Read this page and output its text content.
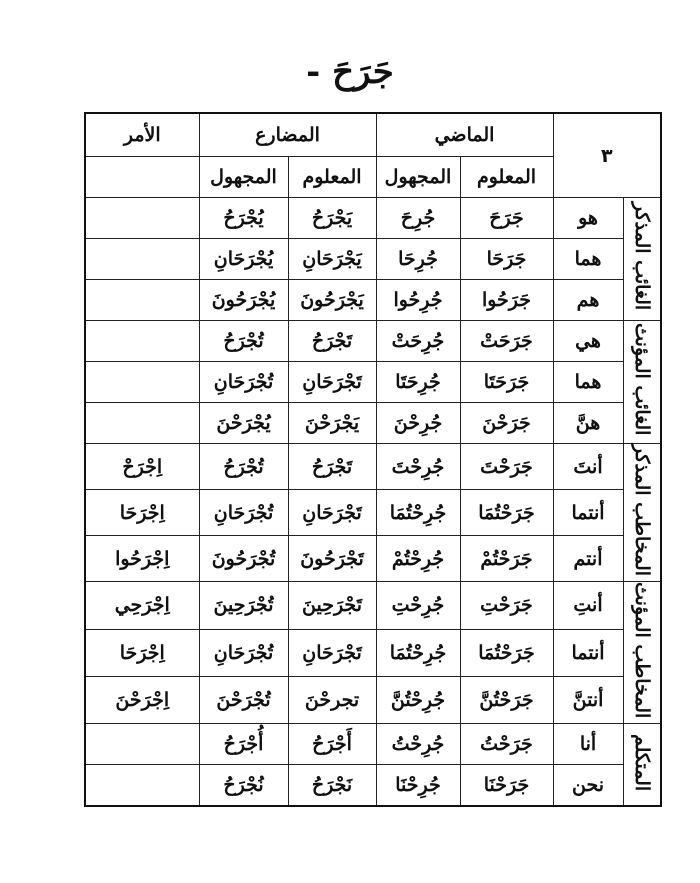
جَرَحَ -
٣		الماضي		المضارع		الأمر
		المعلوم	المجهول	المعلوم	المجهول	
الغائب المذكر	هو	جَرَحَ	جُرِحَ	يَجْرَحُ	يُجْرَحُ	
	هما	جَرَحَا	جُرِحَا	يَجْرَحَانِ	يُجْرَحَانِ	
	هم	جَرَحُوا	جُرِحُوا	يَجْرَحُونَ	يُجْرَحُونَ	
الغائب المؤنث	هي	جَرَحَتْ	جُرِحَتْ	تَجْرَحُ	تُجْرَحُ	
	هما	جَرَحَتَا	جُرِحَتَا	تَجْرَحَانِ	تُجْرَحَانِ	
	هنَّ	جَرَحْنَ	جُرِحْنَ	يَجْرَحْنَ	يُجْرَحْنَ	
المخاطب المذكر	أنتَ	جَرَحْتَ	جُرِحْتَ	تَجْرَحُ	تُجْرَحُ	اِجْرَحْ
	أنتما	جَرَحْتُمَا	جُرِحْتُمَا	تَجْرَحَانِ	تُجْرَحَانِ	اِجْرَحَا
	أنتم	جَرَحْتُمْ	جُرِحْتُمْ	تَجْرَحُونَ	تُجْرَحُونَ	اِجْرَحُوا
المخاطب المؤنث	أنتِ	جَرَحْتِ	جُرِحْتِ	تَجْرَحِينَ	تُجْرَحِينَ	اِجْرَحِي
	أنتما	جَرَحْتُمَا	جُرِحْتُمَا	تَجْرَحَانِ	تُجْرَحَانِ	اِجْرَحَا
	أنتنَّ	جَرَحْتُنَّ	جُرِحْتُنَّ	تجرحْنَ	تُجْرَحْنَ	اِجْرَحْنَ
المتكلم	أنا	جَرَحْتُ	جُرِحْتُ	أَجْرَحُ	أُجْرَحُ	
	نحن	جَرَحْنَا	جُرِحْنَا	نَجْرَحُ	نُجْرَحُ	
